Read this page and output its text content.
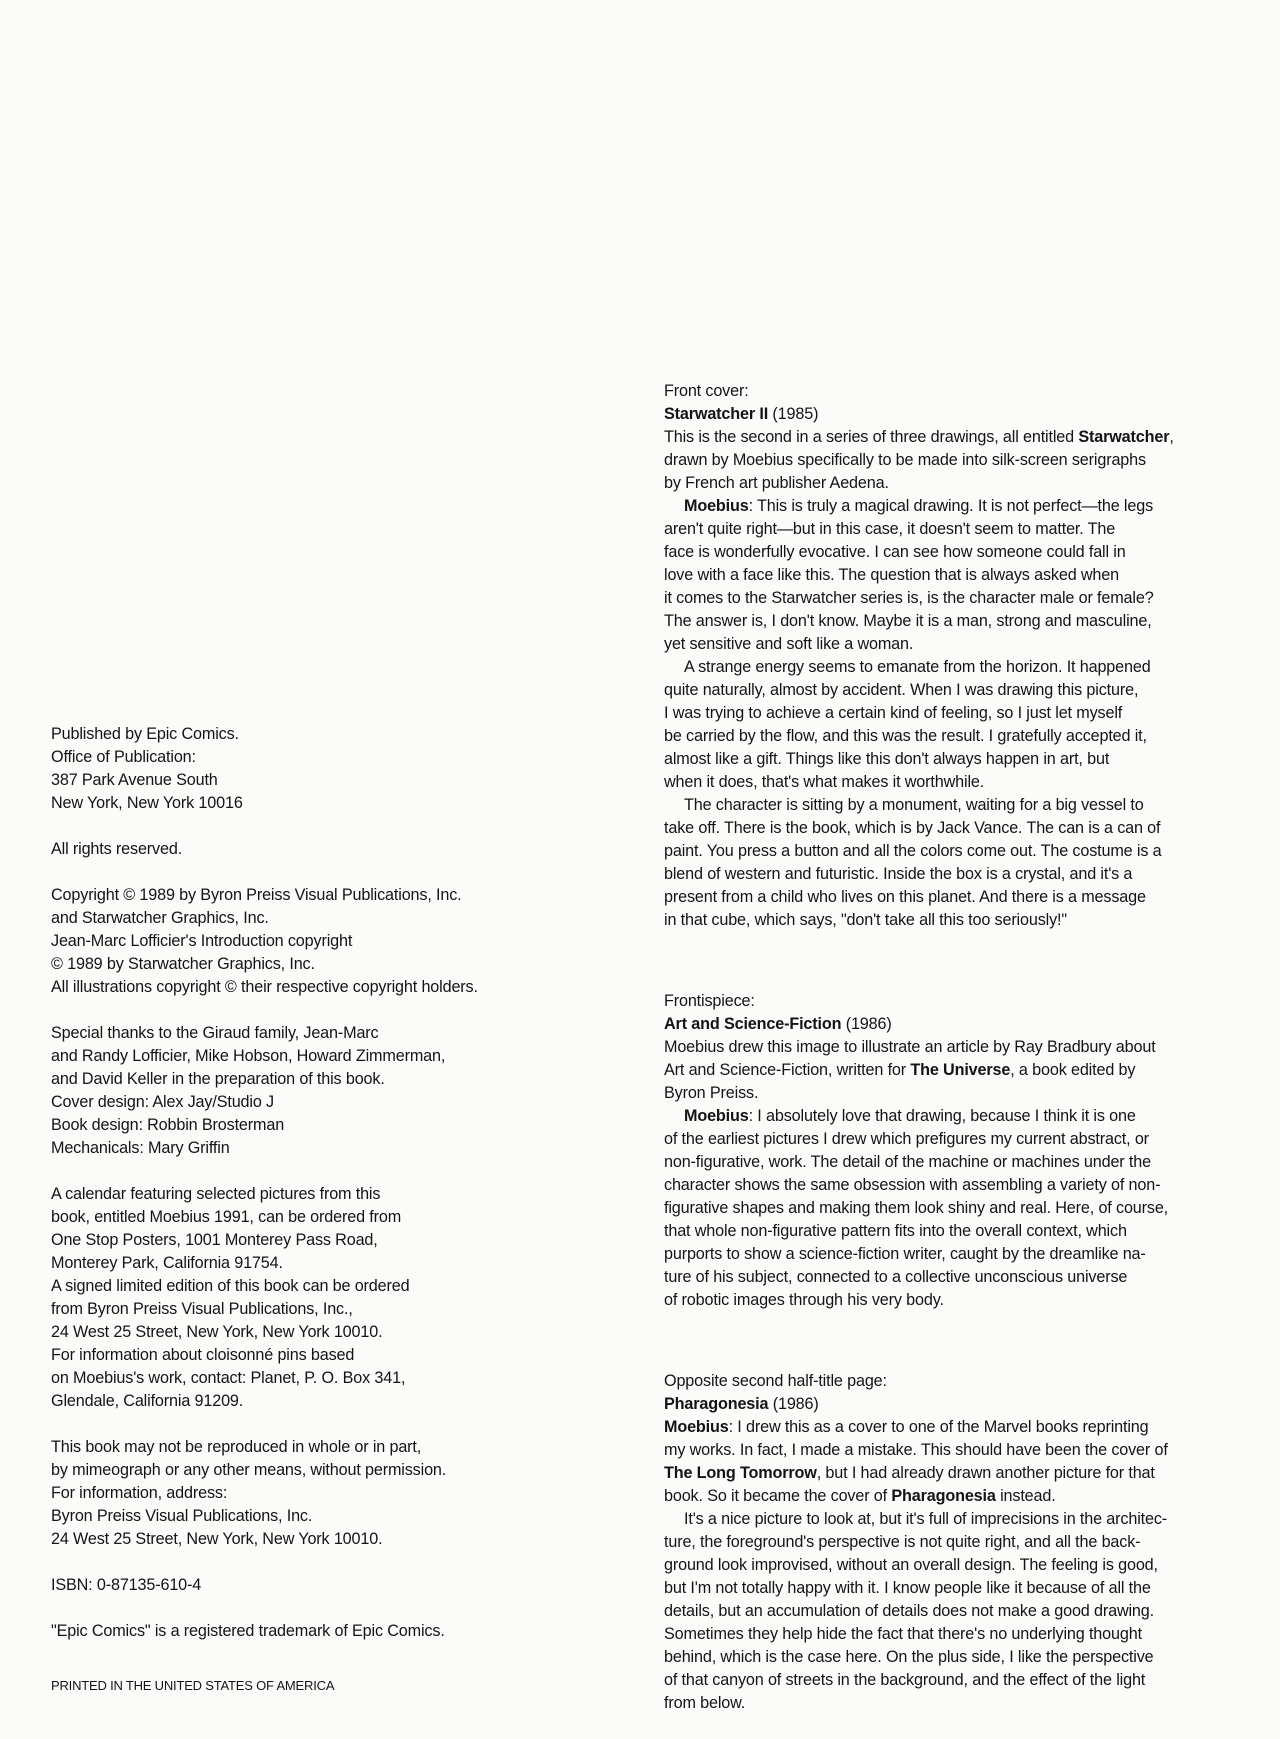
Published by Epic Comics.
Office of Publication:
387 Park Avenue South
New York, New York 10016
All rights reserved.
Copyright © 1989 by Byron Preiss Visual Publications, Inc.
and Starwatcher Graphics, Inc.
Jean-Marc Lofficier's Introduction copyright
© 1989 by Starwatcher Graphics, Inc.
All illustrations copyright © their respective copyright holders.
Special thanks to the Giraud family, Jean-Marc
and Randy Lofficier, Mike Hobson, Howard Zimmerman,
and David Keller in the preparation of this book.
Cover design: Alex Jay/Studio J
Book design: Robbin Brosterman
Mechanicals: Mary Griffin
A calendar featuring selected pictures from this
book, entitled Moebius 1991, can be ordered from
One Stop Posters, 1001 Monterey Pass Road,
Monterey Park, California 91754.
A signed limited edition of this book can be ordered
from Byron Preiss Visual Publications, Inc.,
24 West 25 Street, New York, New York 10010.
For information about cloisonné pins based
on Moebius's work, contact: Planet, P. O. Box 341,
Glendale, California 91209.
This book may not be reproduced in whole or in part,
by mimeograph or any other means, without permission.
For information, address:
Byron Preiss Visual Publications, Inc.
24 West 25 Street, New York, New York 10010.
ISBN: 0-87135-610-4
"Epic Comics" is a registered trademark of Epic Comics.
PRINTED IN THE UNITED STATES OF AMERICA
Front cover:
Starwatcher II (1985)
This is the second in a series of three drawings, all entitled Starwatcher,
drawn by Moebius specifically to be made into silk-screen serigraphs
by French art publisher Aedena.
Moebius: This is truly a magical drawing. It is not perfect—the legs
aren't quite right—but in this case, it doesn't seem to matter. The
face is wonderfully evocative. I can see how someone could fall in
love with a face like this. The question that is always asked when
it comes to the Starwatcher series is, is the character male or female?
The answer is, I don't know. Maybe it is a man, strong and masculine,
yet sensitive and soft like a woman.
A strange energy seems to emanate from the horizon. It happened
quite naturally, almost by accident. When I was drawing this picture,
I was trying to achieve a certain kind of feeling, so I just let myself
be carried by the flow, and this was the result. I gratefully accepted it,
almost like a gift. Things like this don't always happen in art, but
when it does, that's what makes it worthwhile.
The character is sitting by a monument, waiting for a big vessel to
take off. There is the book, which is by Jack Vance. The can is a can of
paint. You press a button and all the colors come out. The costume is a
blend of western and futuristic. Inside the box is a crystal, and it's a
present from a child who lives on this planet. And there is a message
in that cube, which says, "don't take all this too seriously!"
Frontispiece:
Art and Science-Fiction (1986)
Moebius drew this image to illustrate an article by Ray Bradbury about
Art and Science-Fiction, written for The Universe, a book edited by
Byron Preiss.
Moebius: I absolutely love that drawing, because I think it is one
of the earliest pictures I drew which prefigures my current abstract, or
non-figurative, work. The detail of the machine or machines under the
character shows the same obsession with assembling a variety of non-
figurative shapes and making them look shiny and real. Here, of course,
that whole non-figurative pattern fits into the overall context, which
purports to show a science-fiction writer, caught by the dreamlike na-
ture of his subject, connected to a collective unconscious universe
of robotic images through his very body.
Opposite second half-title page:
Pharagonesia (1986)
Moebius: I drew this as a cover to one of the Marvel books reprinting
my works. In fact, I made a mistake. This should have been the cover of
The Long Tomorrow, but I had already drawn another picture for that
book. So it became the cover of Pharagonesia instead.
It's a nice picture to look at, but it's full of imprecisions in the architec-
ture, the foreground's perspective is not quite right, and all the back-
ground look improvised, without an overall design. The feeling is good,
but I'm not totally happy with it. I know people like it because of all the
details, but an accumulation of details does not make a good drawing.
Sometimes they help hide the fact that there's no underlying thought
behind, which is the case here. On the plus side, I like the perspective
of that canyon of streets in the background, and the effect of the light
from below.
